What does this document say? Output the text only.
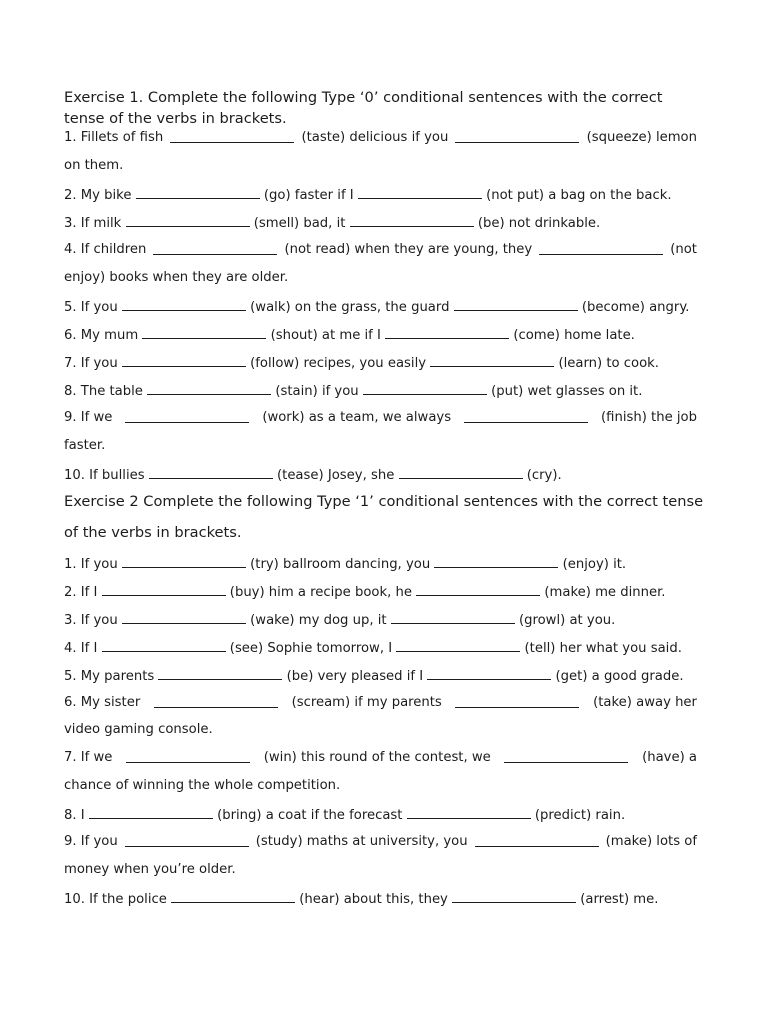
Exercise 1. Complete the following Type ‘0’ conditional sentences with the correct
tense of the verbs in brackets.
1. Fillets of fish	(taste) delicious if you	(squeeze) lemon
on them.
2. My bike	(go) faster if I	(not put) a bag on the back.
3. If milk	(smell) bad, it	(be) not drinkable.
4. If children	(not read) when they are young, they	(not
enjoy) books when they are older.
5. If you	(walk) on the grass, the guard	(become) angry.
6. My mum	(shout) at me if I	(come) home late.
7. If you	(follow) recipes, you easily	(learn) to cook.
8. The table	(stain) if you	(put) wet glasses on it.
9. If we	(work) as a team, we always	(finish) the job
faster.
10. If bullies	(tease) Josey, she	(cry).
Exercise 2 Complete the following Type ‘1’ conditional sentences with the correct tense
of the verbs in brackets.
1. If you	(try) ballroom dancing, you	(enjoy) it.
2. If I	(buy) him a recipe book, he	(make) me dinner.
3. If you	(wake) my dog up, it	(growl) at you.
4. If I	(see) Sophie tomorrow, I	(tell) her what you said.
5. My parents	(be) very pleased if I	(get) a good grade.
6. My sister	(scream) if my parents	(take) away her
video gaming console.
7. If we	(win) this round of the contest, we	(have) a
chance of winning the whole competition.
8. I	(bring) a coat if the forecast	(predict) rain.
9. If you	(study) maths at university, you	(make) lots of
money when you’re older.
10. If the police	(hear) about this, they	(arrest) me.
